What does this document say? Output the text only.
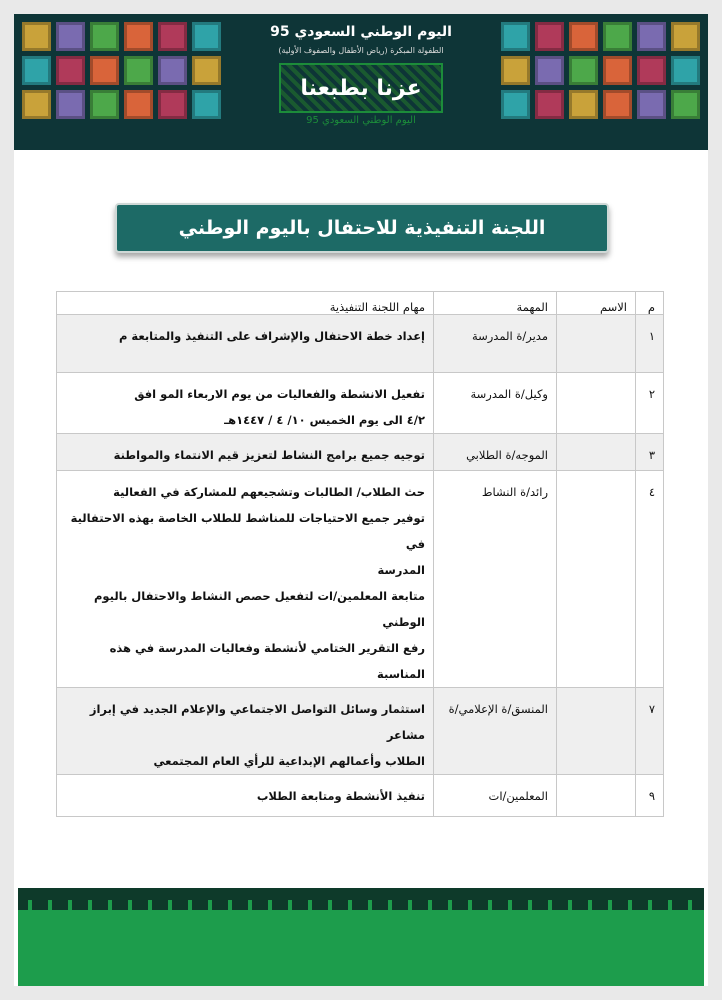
اليوم الوطني السعودي 95
الطفولة المبكرة (رياض الأطفال والصفوف الأولية)
عزنا بطبعنا
اليوم الوطني السعودي 95
اللجنة التنفيذية للاحتفال باليوم الوطني
م	الاسم	المهمة	مهام اللجنة التنفيذية
١		مدير/ة المدرسة	إعداد خطة الاحتفال والإشراف على التنفيذ والمتابعة م

٢		وكيل/ة المدرسة	تفعيل الانشطة والفعاليات من يوم الاربعاء المو افق
٤/٢ الى يوم الخميس ١٠/ ٤ / ١٤٤٧هـ

٣		الموجه/ة الطلابي	توجيه جميع برامج النشاط لتعزيز قيم الانتماء والمواطنة

٤		رائد/ة النشاط	حث الطلاب/ الطالبات وتشجيعهم للمشاركة في الفعالية
توفير جميع الاحتياجات للمناشط للطلاب الخاصة بهذه الاحتفالية في
المدرسة
متابعة المعلمين/ات لتفعيل حصص النشاط والاحتفال باليوم الوطني
رفع التقرير الختامي لأنشطة وفعاليات المدرسة في هذه المناسبة

٧		المنسق/ة الإعلامي/ة	استثمار وسائل التواصل الاجتماعي والإعلام الجديد في إبراز مشاعر
الطلاب وأعمالهم الإبداعية للرأي العام المجتمعي

٩		المعلمين/ات	تنفيذ الأنشطة ومتابعة الطلاب
